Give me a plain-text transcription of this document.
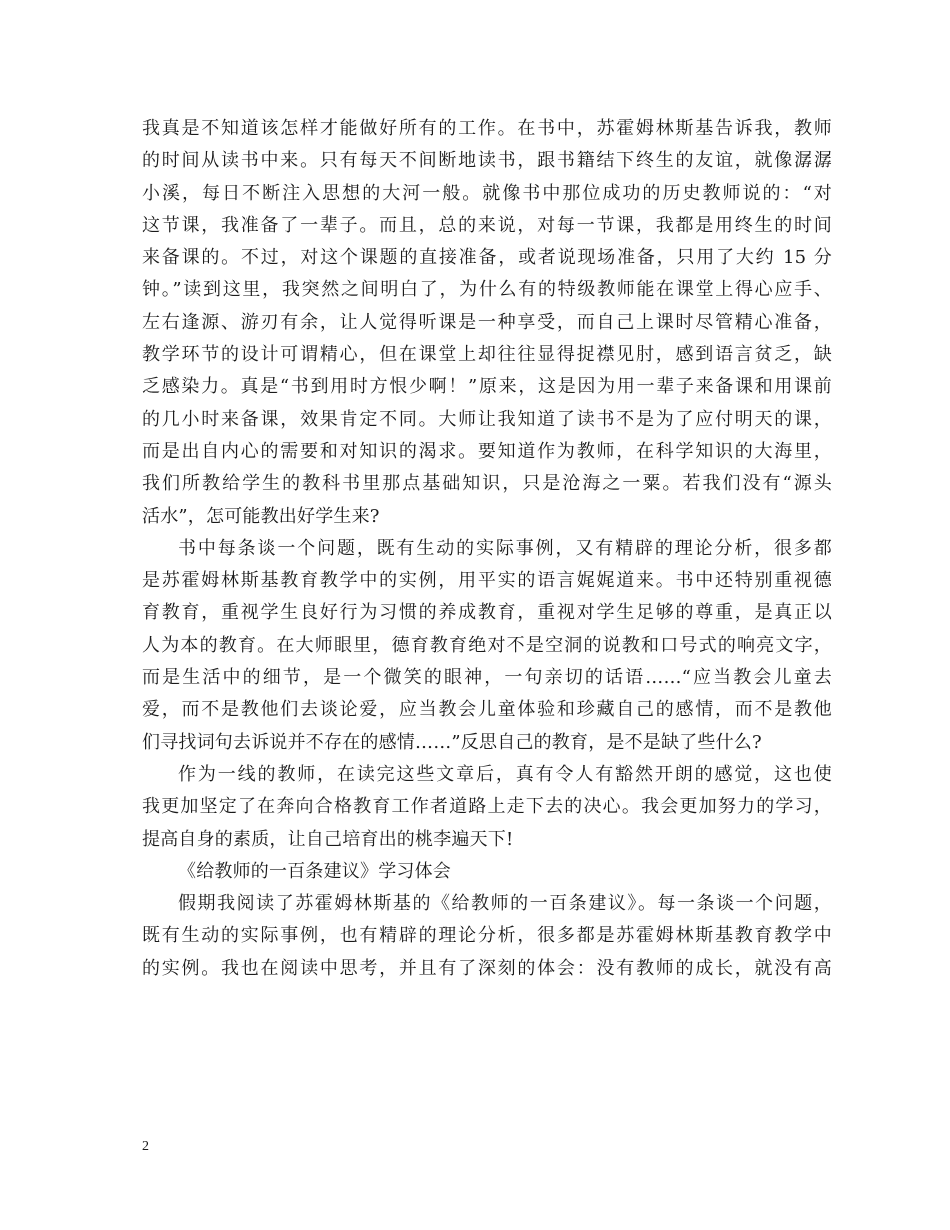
我真是不知道该怎样才能做好所有的工作。在书中，苏霍姆林斯基告诉我，教师
的时间从读书中来。只有每天不间断地读书，跟书籍结下终生的友谊，就像潺潺
小溪，每日不断注入思想的大河一般。就像书中那位成功的历史教师说的：“对
这节课，我准备了一辈子。而且，总的来说，对每一节课，我都是用终生的时间
来备课的。不过，对这个课题的直接准备，或者说现场准备，只用了大约 15 分
钟。”读到这里，我突然之间明白了，为什么有的特级教师能在课堂上得心应手、
左右逢源、游刃有余，让人觉得听课是一种享受，而自己上课时尽管精心准备，
教学环节的设计可谓精心，但在课堂上却往往显得捉襟见肘，感到语言贫乏，缺
乏感染力。真是“书到用时方恨少啊！”原来，这是因为用一辈子来备课和用课前
的几小时来备课，效果肯定不同。大师让我知道了读书不是为了应付明天的课，
而是出自内心的需要和对知识的渴求。要知道作为教师，在科学知识的大海里，
我们所教给学生的教科书里那点基础知识，只是沧海之一粟。若我们没有“源头
活水”，怎可能教出好学生来?
书中每条谈一个问题，既有生动的实际事例，又有精辟的理论分析，很多都
是苏霍姆林斯基教育教学中的实例，用平实的语言娓娓道来。书中还特别重视德
育教育，重视学生良好行为习惯的养成教育，重视对学生足够的尊重，是真正以
人为本的教育。在大师眼里，德育教育绝对不是空洞的说教和口号式的响亮文字，
而是生活中的细节，是一个微笑的眼神，一句亲切的话语……“应当教会儿童去
爱，而不是教他们去谈论爱，应当教会儿童体验和珍藏自己的感情，而不是教他
们寻找词句去诉说并不存在的感情……”反思自己的教育，是不是缺了些什么?
作为一线的教师，在读完这些文章后，真有令人有豁然开朗的感觉，这也使
我更加坚定了在奔向合格教育工作者道路上走下去的决心。我会更加努力的学习，
提高自身的素质，让自己培育出的桃李遍天下!
《给教师的一百条建议》学习体会
假期我阅读了苏霍姆林斯基的《给教师的一百条建议》。每一条谈一个问题，
既有生动的实际事例，也有精辟的理论分析，很多都是苏霍姆林斯基教育教学中
的实例。我也在阅读中思考，并且有了深刻的体会：没有教师的成长，就没有高
2
